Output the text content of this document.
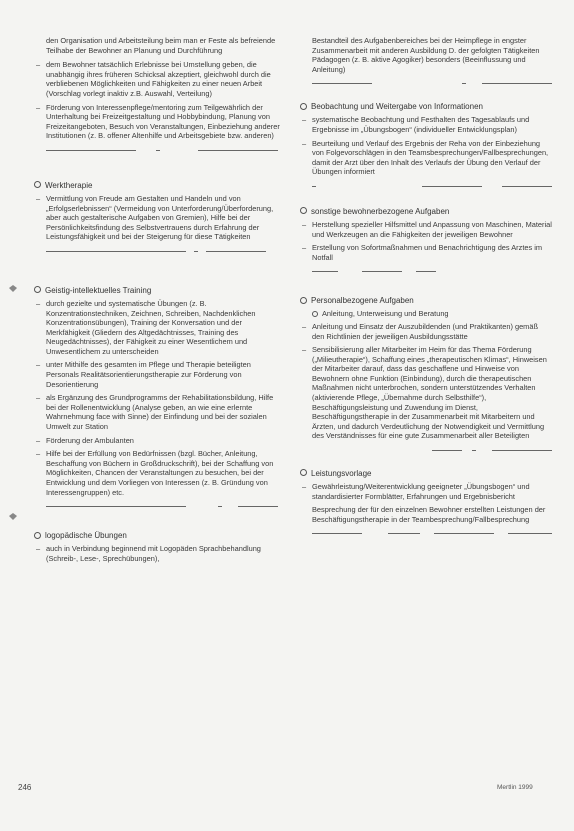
den Organisation und Arbeitsteilung beim man er Feste als befreiende Teilhabe der Bewohner an Planung und Durchführung

– dem Bewohner tatsächlich Erlebnisse bei Umstellung geben, die unabhängig ihres früheren Schicksal akzeptiert, gleichwohl durch die verbliebenen Möglichkeiten und Fähigkeiten zu einer neuen Arbeit (Vorschlag vorlegt inaktiv z.B. Auswahl, Verteilung)
– Förderung von Interessenpflege/mentoring zum Teilgewährlich der Unterhaltung bei Freizeitgestaltung und Hobbybindung, Planung von Freizeitangeboten, Besuch von Veranstaltungen, Einbeziehung anderer Institutionen (z. B. offener Altenhilfe und Arbeitsgebiete bzw. anderen)
Werktherapie
– Vermittlung von Freude am Gestalten und Handeln und von „Erfolgserlebnissen“ (Vermeidung von Unterforderung/Überforderung, aber auch gestalterische Aufgaben von Gremien), Hilfe bei der Persönlichkeitsfindung des Selbstvertrauens durch Erfahrung der Leistungsfähigkeit und bei der Steigerung für diese Tätigkeiten
Geistig-intellektuelles Training
– durch gezielte und systematische Übungen (z. B. Konzentrationstechniken, Zeichnen, Schreiben, Nachdenklichen Konzentrationsübungen), Training der Konversation und der Merkfähigkeit (Gliedern des Altgedächtnisses, Training des Neugedächtnisses), der Fähigkeit zu einer Wesentlichem und Unwesentlichem zu unterscheiden
– unter Mithilfe des gesamten im Pflege und Therapie beteiligten Personals Realitätsorientierungstherapie zur Förderung von Desorientierung
– als Ergänzung des Grundprogramms der Rehabilitationsbildung, Hilfe bei der Rollenentwicklung (Analyse geben, an wie eine erlernte Wahrnehmung face with Sinne) der Einfindung und bei der sozialen Umwelt zur Station
– Förderung der Ambulanten
– Hilfe bei der Erfüllung von Bedürfnissen (bzgl. Bücher, Anleitung, Beschaffung von Büchern in Großdruckschrift), bei der Schaffung von Möglichkeiten, Chancen der Veranstaltungen zu besuchen, bei der Entwicklung und dem Vorliegen von Interessen (z. B. Gründung von Interessengruppen) etc.
logopädische Übungen
– auch in Verbindung beginnend mit Logopäden Sprachbehandlung (Schreib-, Lese-, Sprechübungen),

Bestandteil des Aufgabenbereiches bei der Heimpflege in engster Zusammenarbeit mit anderen Ausbildung D. der gefolgten Tätigkeiten Pädagogen (z. B. aktive Agogiker) besonders (Beeinflussung und Anleitung)

Beobachtung und Weitergabe von Informationen
– systematische Beobachtung und Festhalten des Tagesablaufs und Ergebnisse im „Übungsbogen“ (individueller Entwicklungsplan)
– Beurteilung und Verlauf des Ergebnis der Reha von der Einbeziehung von Folgevorschlägen in den Teamsbesprechungen/Fallbesprechungen, damit der Arzt über den Inhalt des Verlaufs der Übung den Verlauf der Übungen informiert
sonstige bewohnerbezogene Aufgaben
– Herstellung spezieller Hilfsmittel und Anpassung von Maschinen, Material und Werkzeugen an die Fähigkeiten der jeweiligen Bewohner
– Erstellung von Sofortmaßnahmen und Benachrichtigung des Arztes im Notfall
Personalbezogene Aufgaben
Anleitung, Unterweisung und Beratung
– Anleitung und Einsatz der Auszubildenden (und Praktikanten) gemäß den Richtlinien der jeweiligen Ausbildungsstätte
– Sensibilisierung aller Mitarbeiter im Heim für das Thema Förderung („Milieutherapie“), Schaffung eines „therapeutischen Klimas“, Hinweisen der Mitarbeiter darauf, dass das geschaffene und Hinweise von Bewohnern ohne Funktion (Einbindung), durch die therapeutischen Maßnahmen nicht unterbrochen, sondern unterstützendes Verhalten (aktivierende Pflege, „Übernahme durch Selbsthilfe“), Beschäftigungsleistung und Zuwendung im Dienst, Beschäftigungstherapie in der Zusammenarbeit mit Mitarbeitern und Ärzten, und dadurch Verdeutlichung der Notwendigkeit und Vermittlung des Verständnisses für eine gute Zusammenarbeit aller Beteiligten
Leistungsvorlage
– Gewährleistung/Weiterentwicklung geeigneter „Übungsbogen“ und standardisierter Formblätter, Erfahrungen und Ergebnisbericht

Besprechung der für den einzelnen Bewohner erstellten Leistungen der Beschäftigungstherapie in der Teambesprechung/Fallbesprechung

246	Mertlin 1999
